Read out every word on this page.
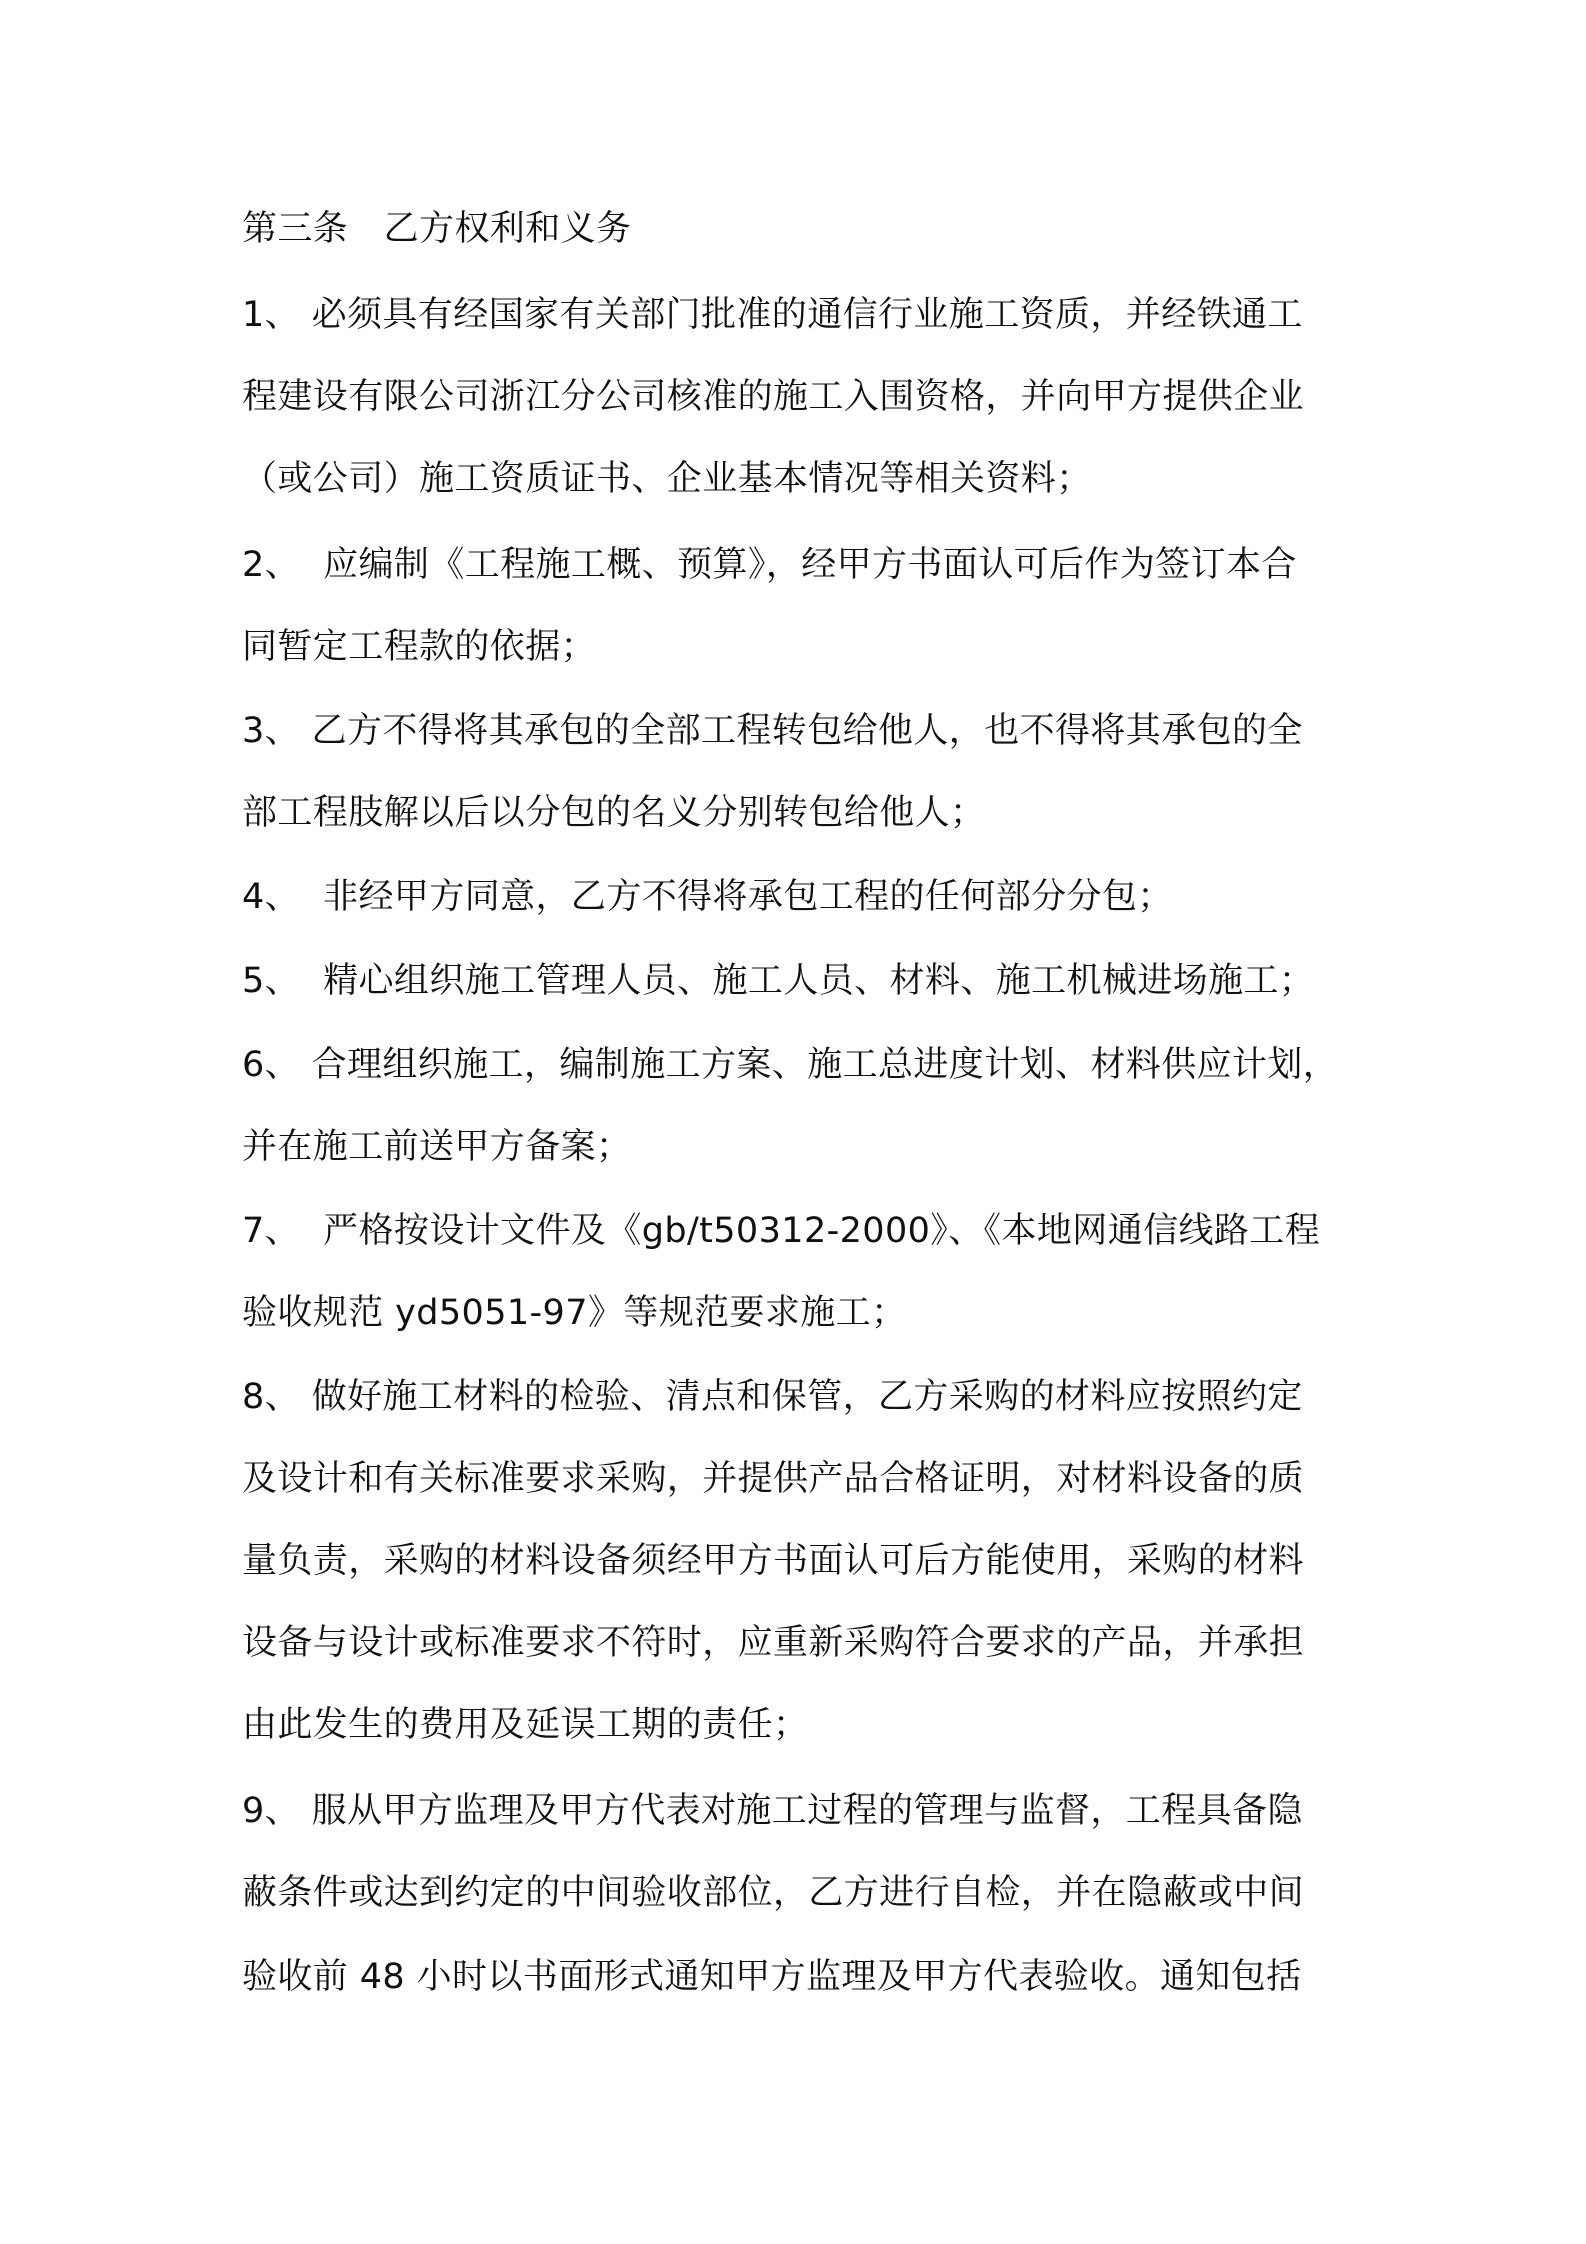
第三条　乙方权利和义务
1、 必须具有经国家有关部门批准的通信行业施工资质，并经铁通工
程建设有限公司浙江分公司核准的施工入围资格，并向甲方提供企业
（或公司）施工资质证书、企业基本情况等相关资料；
2、  应编制《工程施工概、预算》，经甲方书面认可后作为签订本合
同暂定工程款的依据；
3、 乙方不得将其承包的全部工程转包给他人，也不得将其承包的全
部工程肢解以后以分包的名义分别转包给他人；
4、  非经甲方同意，乙方不得将承包工程的任何部分分包；
5、  精心组织施工管理人员、施工人员、材料、施工机械进场施工；
6、 合理组织施工，编制施工方案、施工总进度计划、材料供应计划，
并在施工前送甲方备案；
7、  严格按设计文件及《gb/t50312-2000》、《本地网通信线路工程
验收规范 yd5051-97》等规范要求施工；
8、 做好施工材料的检验、清点和保管，乙方采购的材料应按照约定
及设计和有关标准要求采购，并提供产品合格证明，对材料设备的质
量负责，采购的材料设备须经甲方书面认可后方能使用，采购的材料
设备与设计或标准要求不符时，应重新采购符合要求的产品，并承担
由此发生的费用及延误工期的责任；
9、 服从甲方监理及甲方代表对施工过程的管理与监督，工程具备隐
蔽条件或达到约定的中间验收部位，乙方进行自检，并在隐蔽或中间
验收前 48 小时以书面形式通知甲方监理及甲方代表验收。通知包括
